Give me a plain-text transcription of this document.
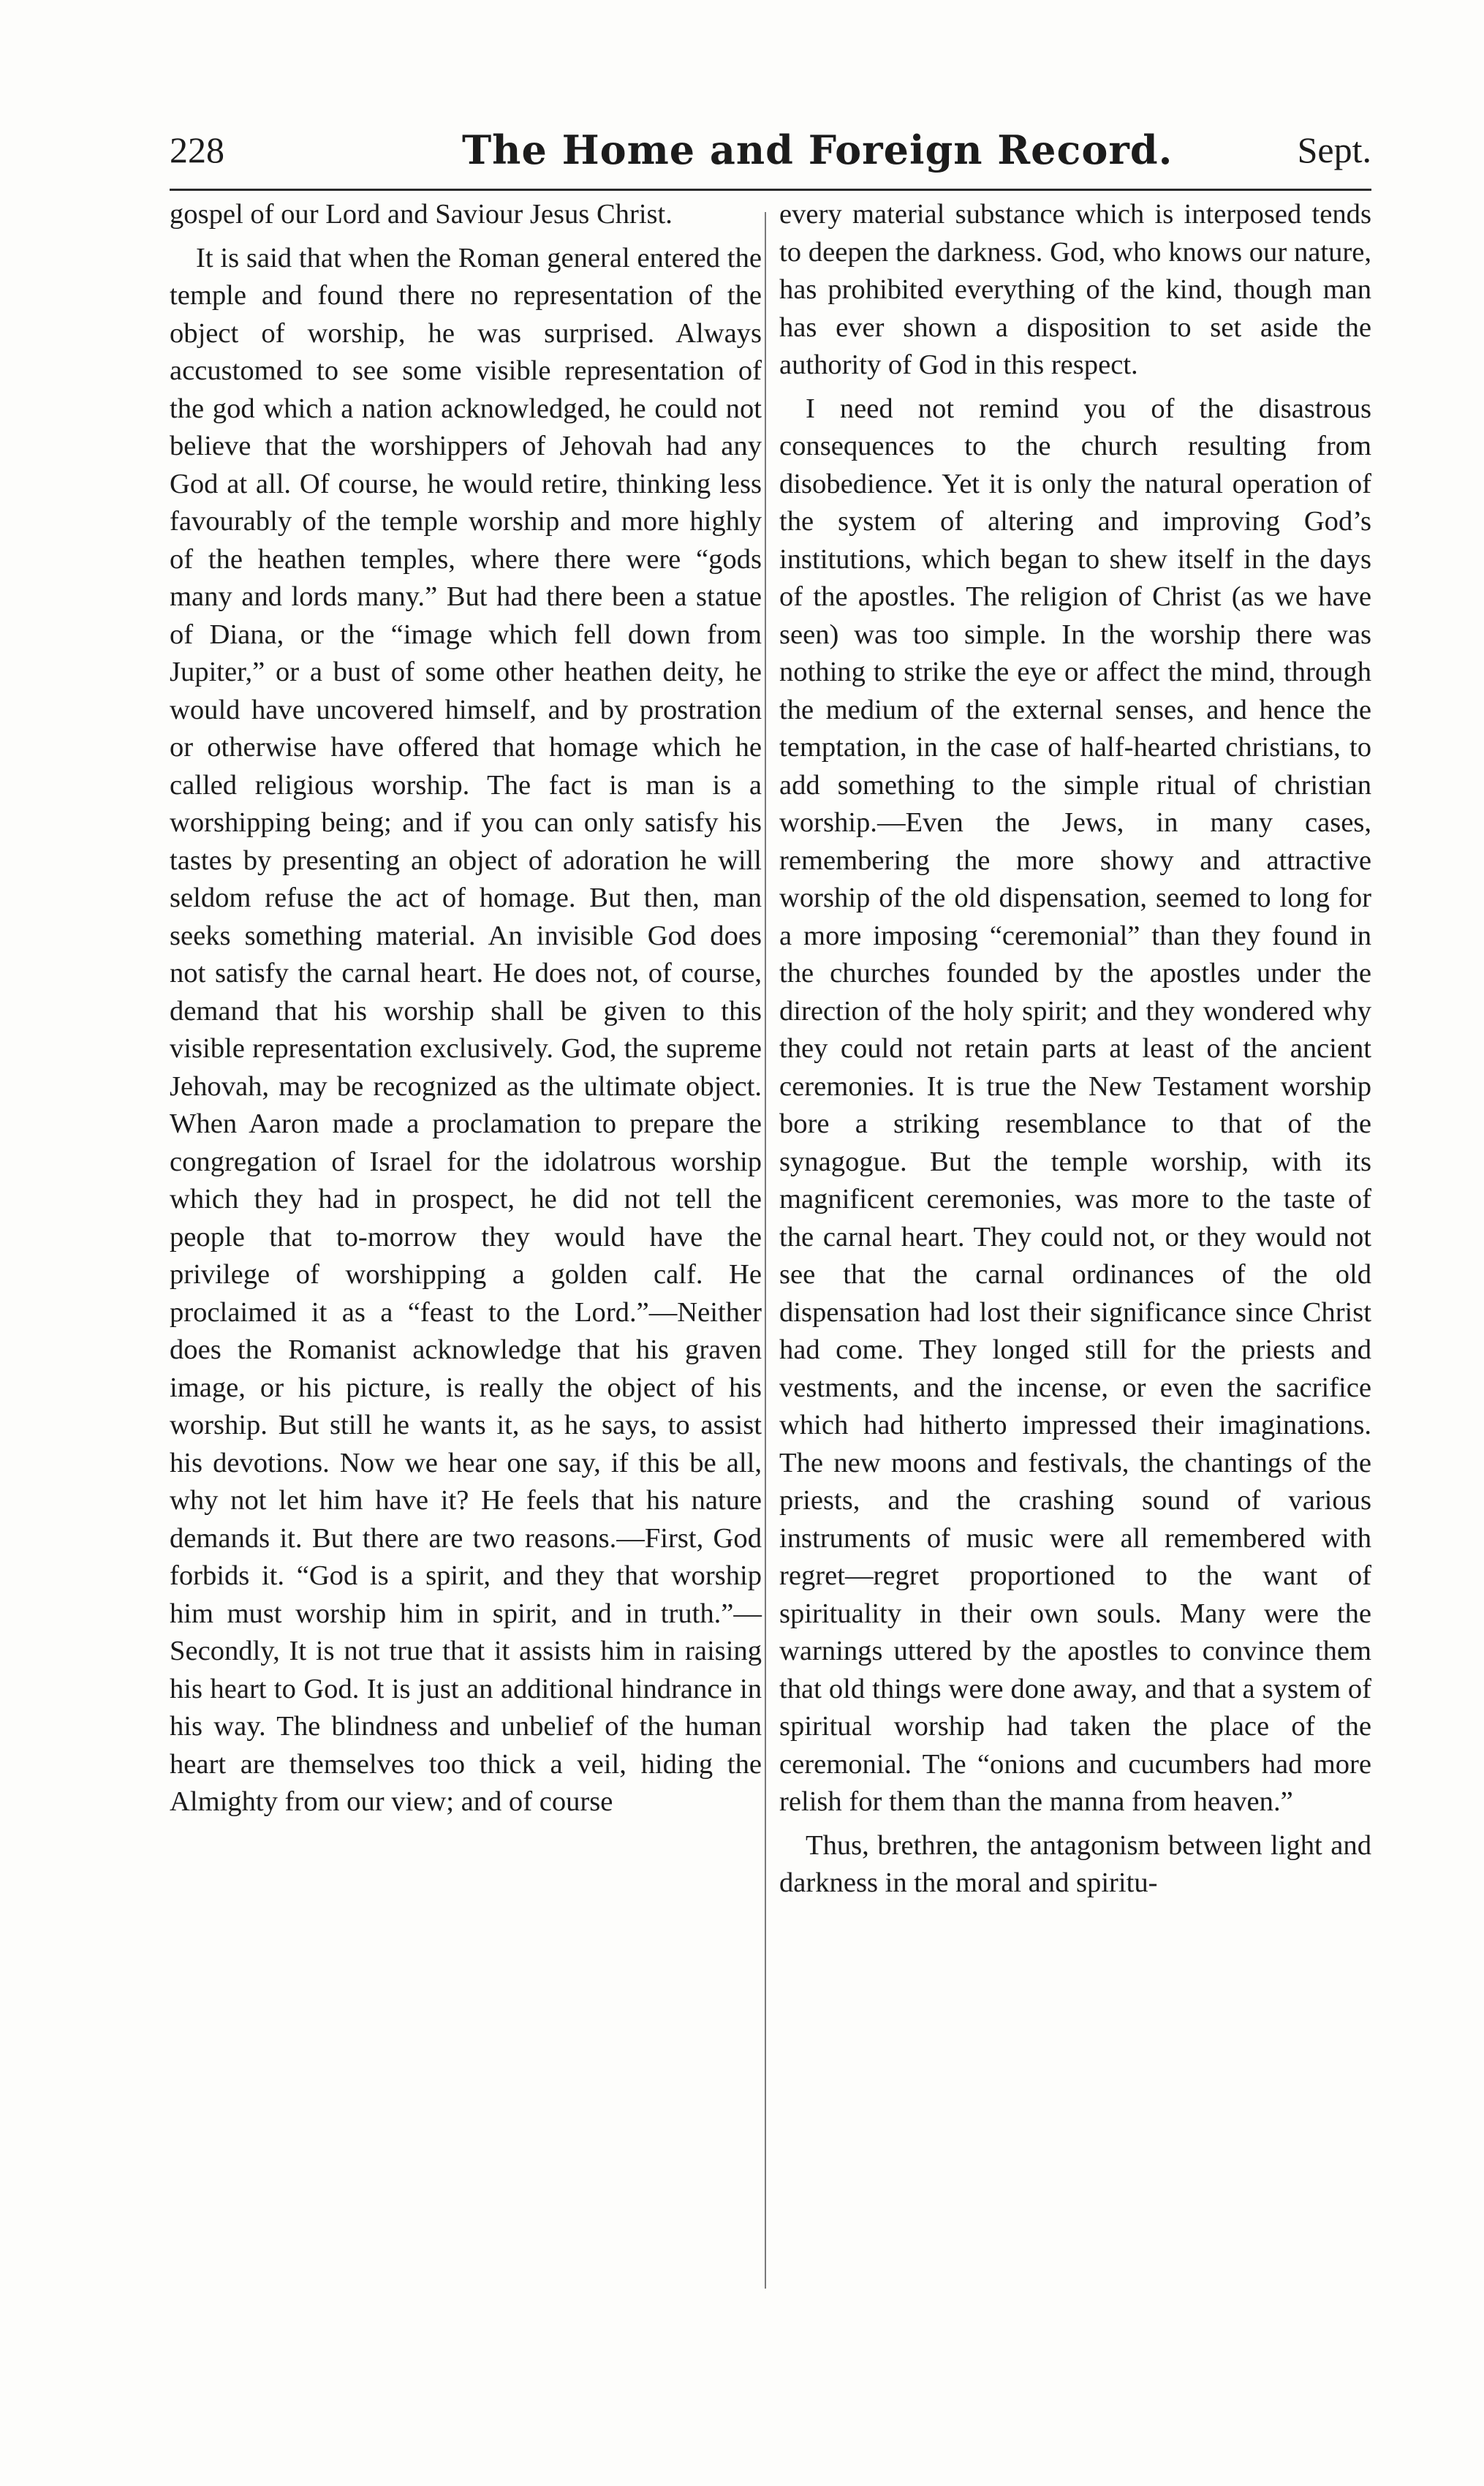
228	The Home and Foreign Record.	Sept.

gospel of our Lord and Saviour Jesus Christ.

It is said that when the Roman general entered the temple and found there no representation of the object of worship, he was surprised. Always accustomed to see some visible representation of the god which a nation acknowledged, he could not believe that the worshippers of Jehovah had any God at all. Of course, he would retire, thinking less favourably of the temple worship and more highly of the heathen temples, where there were “gods many and lords many.” But had there been a statue of Diana, or the “image which fell down from Jupiter,” or a bust of some other heathen deity, he would have uncovered himself, and by prostration or otherwise have offered that homage which he called religious worship. The fact is man is a worshipping being; and if you can only satisfy his tastes by presenting an object of adoration he will seldom refuse the act of homage. But then, man seeks something material. An invisible God does not satisfy the carnal heart. He does not, of course, demand that his worship shall be given to this visible representation exclusively. God, the supreme Jehovah, may be recognized as the ultimate object. When Aaron made a proclamation to prepare the congregation of Israel for the idolatrous worship which they had in prospect, he did not tell the people that to-morrow they would have the privilege of worshipping a golden calf. He proclaimed it as a “feast to the Lord.”—Neither does the Romanist acknowledge that his graven image, or his picture, is really the object of his worship. But still he wants it, as he says, to assist his devotions. Now we hear one say, if this be all, why not let him have it? He feels that his nature demands it. But there are two reasons.—First, God forbids it. “God is a spirit, and they that worship him must worship him in spirit, and in truth.”—Secondly, It is not true that it assists him in raising his heart to God. It is just an additional hindrance in his way. The blindness and unbelief of the human heart are themselves too thick a veil, hiding the Almighty from our view; and of course

every material substance which is interposed tends to deepen the darkness. God, who knows our nature, has prohibited everything of the kind, though man has ever shown a disposition to set aside the authority of God in this respect.

I need not remind you of the disastrous consequences to the church resulting from disobedience. Yet it is only the natural operation of the system of altering and improving God’s institutions, which began to shew itself in the days of the apostles. The religion of Christ (as we have seen) was too simple. In the worship there was nothing to strike the eye or affect the mind, through the medium of the external senses, and hence the temptation, in the case of half-hearted christians, to add something to the simple ritual of christian worship.—Even the Jews, in many cases, remembering the more showy and attractive worship of the old dispensation, seemed to long for a more imposing “ceremonial” than they found in the churches founded by the apostles under the direction of the holy spirit; and they wondered why they could not retain parts at least of the ancient ceremonies. It is true the New Testament worship bore a striking resemblance to that of the synagogue. But the temple worship, with its magnificent ceremonies, was more to the taste of the carnal heart. They could not, or they would not see that the carnal ordinances of the old dispensation had lost their significance since Christ had come. They longed still for the priests and vestments, and the incense, or even the sacrifice which had hitherto impressed their imaginations. The new moons and festivals, the chantings of the priests, and the crashing sound of various instruments of music were all remembered with regret—regret proportioned to the want of spirituality in their own souls. Many were the warnings uttered by the apostles to convince them that old things were done away, and that a system of spiritual worship had taken the place of the ceremonial. The “onions and cucumbers had more relish for them than the manna from heaven.”

Thus, brethren, the antagonism between light and darkness in the moral and spiritu-
